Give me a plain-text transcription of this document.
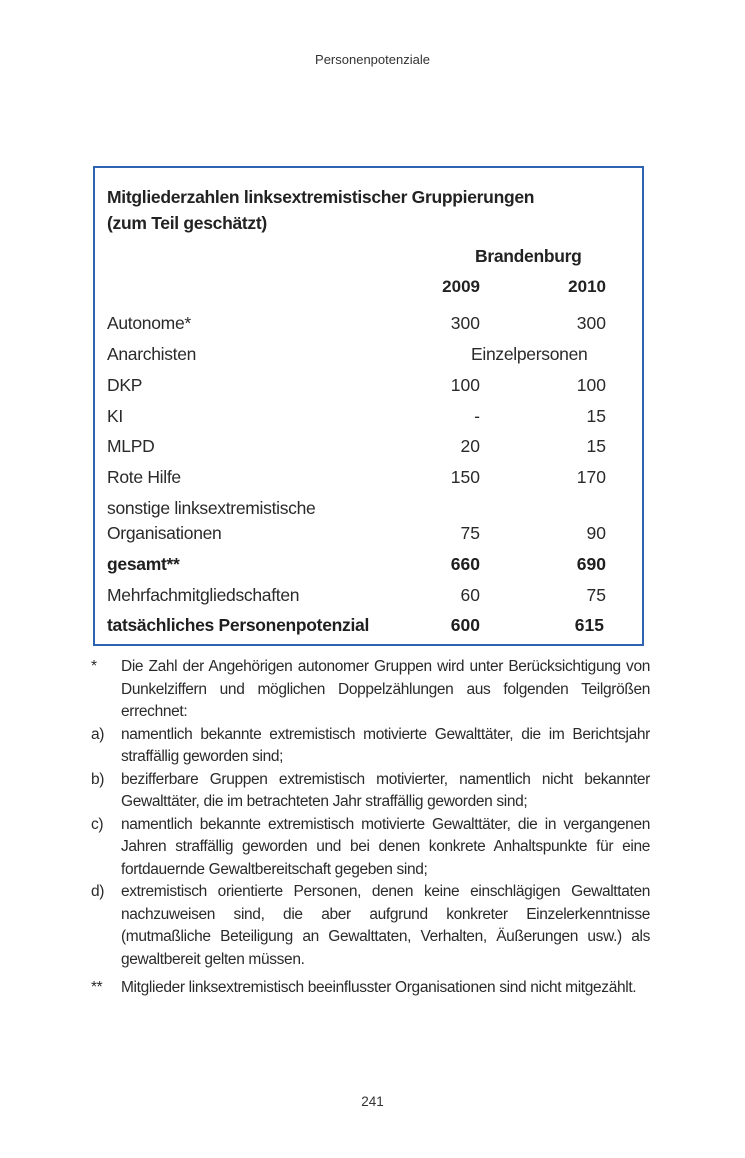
Personenpotenziale
Mitgliederzahlen linksextremistischer Gruppierungen
(zum Teil geschätzt)
Brandenburg
2009	2010
Autonome*	300	300
Anarchisten	Einzelpersonen
DKP	100	100
KI	-	15
MLPD	20	15
Rote Hilfe	150	170
sonstige linksextremistische
Organisationen	75	90
gesamt**	660	690
Mehrfachmitgliedschaften	60	75
tatsächliches Personenpotenzial	600	615
*	Die Zahl der Angehörigen autonomer Gruppen wird unter Berücksichtigung von Dunkelziffern und möglichen Doppelzählungen aus folgenden Teilgrößen errechnet:
a)	namentlich bekannte extremistisch motivierte Gewalttäter, die im Berichtsjahr straffällig geworden sind;
b)	bezifferbare Gruppen extremistisch motivierter, namentlich nicht bekannter Gewalttäter, die im betrachteten Jahr straffällig geworden sind;
c)	namentlich bekannte extremistisch motivierte Gewalttäter, die in vergangenen Jahren straffällig geworden und bei denen konkrete Anhaltspunkte für eine fortdauernde Gewaltbereitschaft gegeben sind;
d)	extremistisch orientierte Personen, denen keine einschlägigen Gewalttaten nachzuweisen sind, die aber aufgrund konkreter Einzelerkenntnisse (mutmaßliche Beteiligung an Gewalttaten, Verhalten, Äußerungen usw.) als gewaltbereit gelten müssen.
**	Mitglieder linksextremistisch beeinflusster Organisationen sind nicht mitgezählt.
241
